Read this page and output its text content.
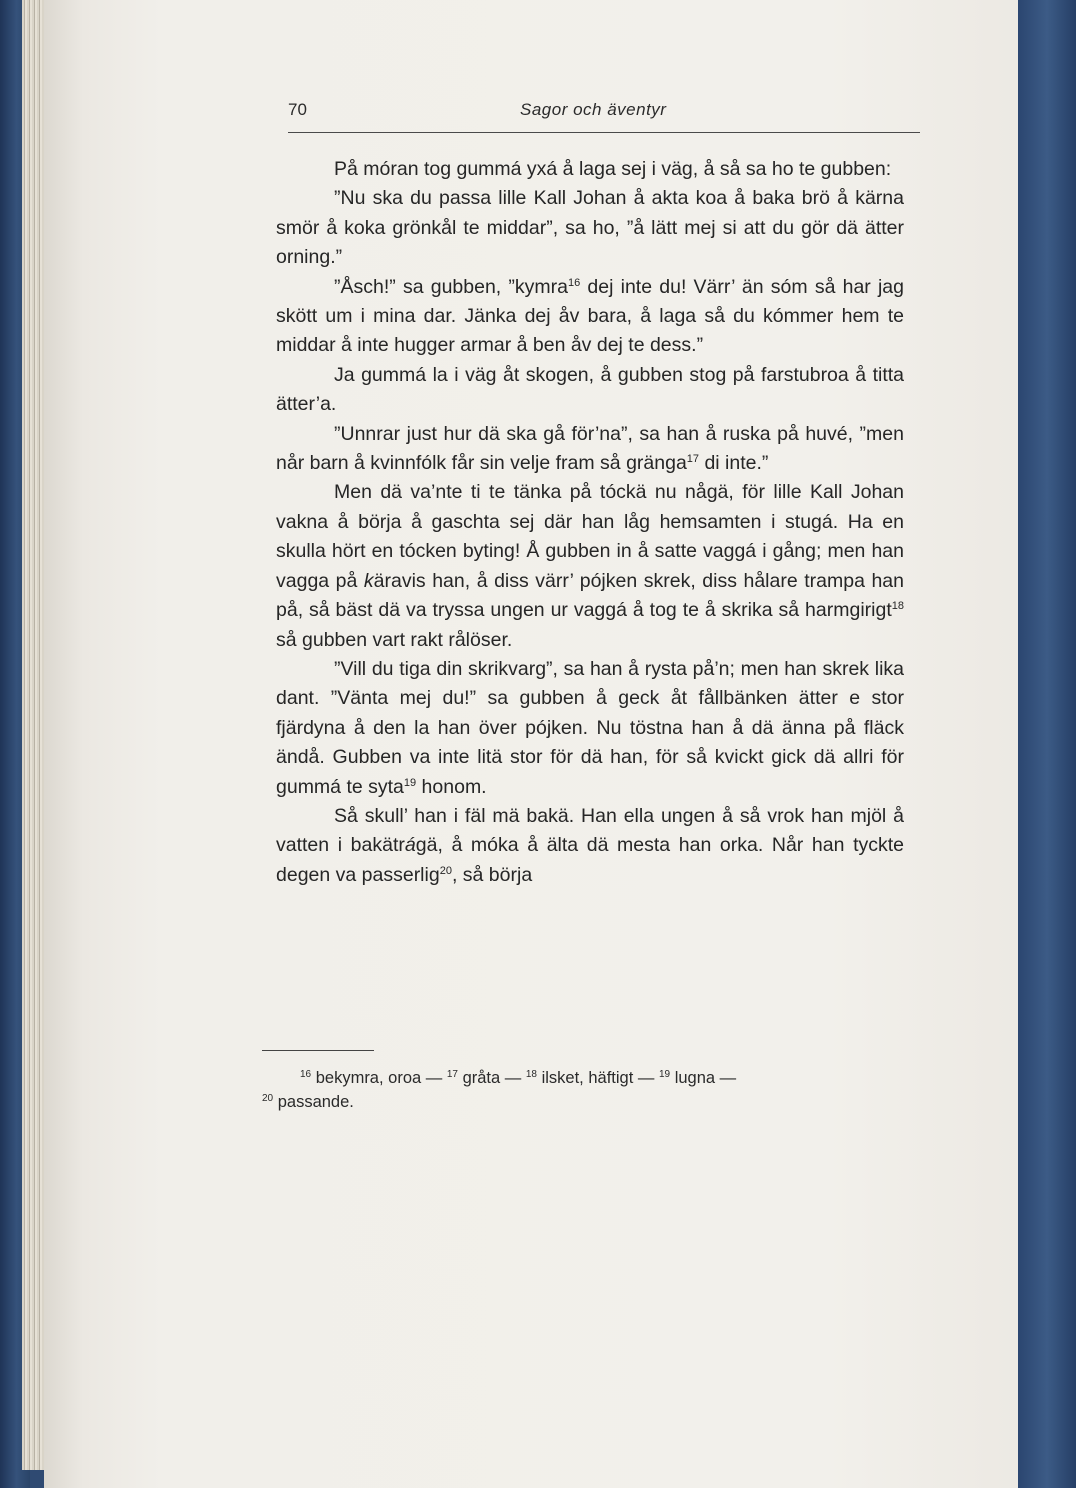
70	Sagor och äventyr

På móran tog gummá yxá å laga sej i väg, å så sa ho te gubben:

”Nu ska du passa lille Kall Johan å akta koa å baka brö å kärna smör å koka grönkål te middar”, sa ho, ”å lätt mej si att du gör dä ätter orning.”

”Åsch!” sa gubben, ”kymra$^{16}$ dej inte du! Värr’ än sóm så har jag skött um i mina dar. Jänka dej åv bara, å laga så du kómmer hem te middar å inte hugger armar å ben åv dej te dess.”

Ja gummá la i väg åt skogen, å gubben stog på farstubroa å titta ätter’a.

”Unnrar just hur dä ska gå för’na”, sa han å ruska på huvé, ”men når barn å kvinnfólk får sin velje fram så gränga$^{17}$ di inte.”

Men dä va’nte ti te tänka på tóckä nu någä, för lille Kall Johan vakna å börja å gaschta sej där han låg hemsamten i stugá. Ha en skulla hört en tócken byting! Å gubben in å satte vaggá i gång; men han vagga på käravis han, å diss värr’ pójken skrek, diss hålare trampa han på, så bäst dä va tryssa ungen ur vaggá å tog te å skrika så harmgirigt$^{18}$ så gubben vart rakt rålöser.

”Vill du tiga din skrikvarg”, sa han å rysta på’n; men han skrek lika dant. ”Vänta mej du!” sa gubben å geck åt fållbänken ätter e stor fjärdyna å den la han över pójken. Nu töstna han å dä änna på fläck ändå. Gubben va inte litä stor för dä han, för så kvickt gick dä allri för gummá te syta$^{19}$ honom.

Så skull’ han i fäl mä bakä. Han ella ungen å så vrok han mjöl å vatten i bakätrágä, å móka å älta dä mesta han orka. Når han tyckte degen va passerlig$^{20}$, så börja

$^{16}$ bekymra, oroa — $^{17}$ gråta — $^{18}$ ilsket, häftigt — $^{19}$ lugna —
$^{20}$ passande.
